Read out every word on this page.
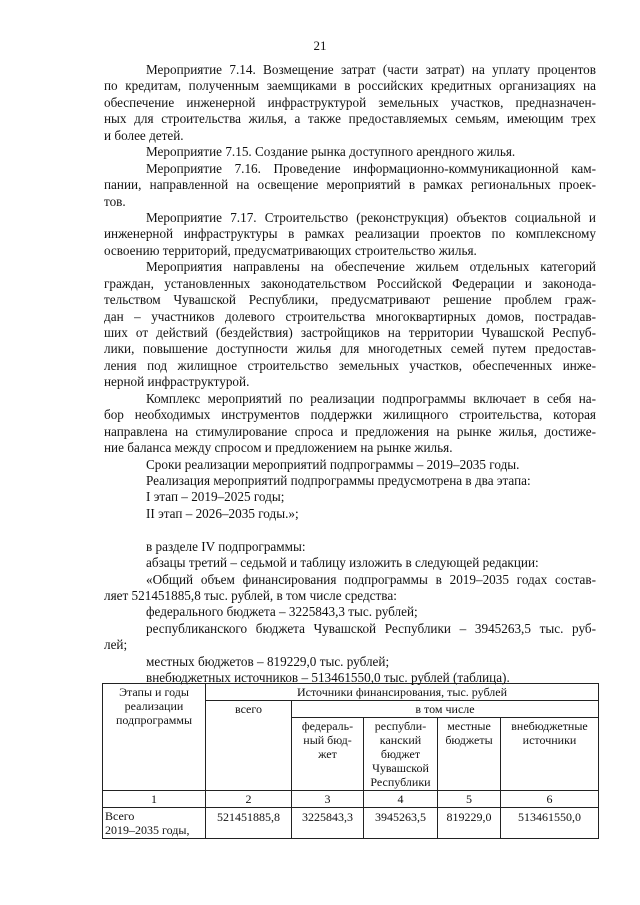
21
Мероприятие 7.14. Возмещение затрат (части затрат) на уплату процентов
по кредитам, полученным заемщиками в российских кредитных организациях на
обеспечение инженерной инфраструктурой земельных участков, предназначен-
ных для строительства жилья, а также предоставляемых семьям, имеющим трех
и более детей.
Мероприятие 7.15. Создание рынка доступного арендного жилья.
Мероприятие 7.16. Проведение информационно-коммуникационной кам-
пании, направленной на освещение мероприятий в рамках региональных проек-
тов.
Мероприятие 7.17. Строительство (реконструкция) объектов социальной и
инженерной инфраструктуры в рамках реализации проектов по комплексному
освоению территорий, предусматривающих строительство жилья.
Мероприятия направлены на обеспечение жильем отдельных категорий
граждан, установленных законодательством Российской Федерации и законода-
тельством Чувашской Республики, предусматривают решение проблем граж-
дан – участников долевого строительства многоквартирных домов, пострадав-
ших от действий (бездействия) застройщиков на территории Чувашской Респуб-
лики, повышение доступности жилья для многодетных семей путем предостав-
ления под жилищное строительство земельных участков, обеспеченных инже-
нерной инфраструктурой.
Комплекс мероприятий по реализации подпрограммы включает в себя на-
бор необходимых инструментов поддержки жилищного строительства, которая
направлена на стимулирование спроса и предложения на рынке жилья, достиже-
ние баланса между спросом и предложением на рынке жилья.
Сроки реализации мероприятий подпрограммы – 2019–2035 годы.
Реализация мероприятий подпрограммы предусмотрена в два этапа:
I этап – 2019–2025 годы;
II этап – 2026–2035 годы.»;
в разделе IV подпрограммы:
абзацы третий – седьмой и таблицу изложить в следующей редакции:
«Общий объем финансирования подпрограммы в 2019–2035 годах состав-
ляет 521451885,8 тыс. рублей, в том числе средства:
федерального бюджета – 3225843,3 тыс. рублей;
республиканского бюджета Чувашской Республики – 3945263,5 тыс. руб-
лей;
местных бюджетов – 819229,0 тыс. рублей;
внебюджетных источников – 513461550,0 тыс. рублей (таблица).
Этапы и годы
реализации
подпрограммы	Источники финансирования, тыс. рублей				
	всего	в том числе			

		федераль-
ный бюд-
жет	республи-
канский
бюджет
Чувашской
Республики	местные
бюджеты	внебюджетные
источники

1	2	3	4	5	6

Всего
2019–2035 годы,	521451885,8	3225843,3	3945263,5	819229,0	513461550,0
